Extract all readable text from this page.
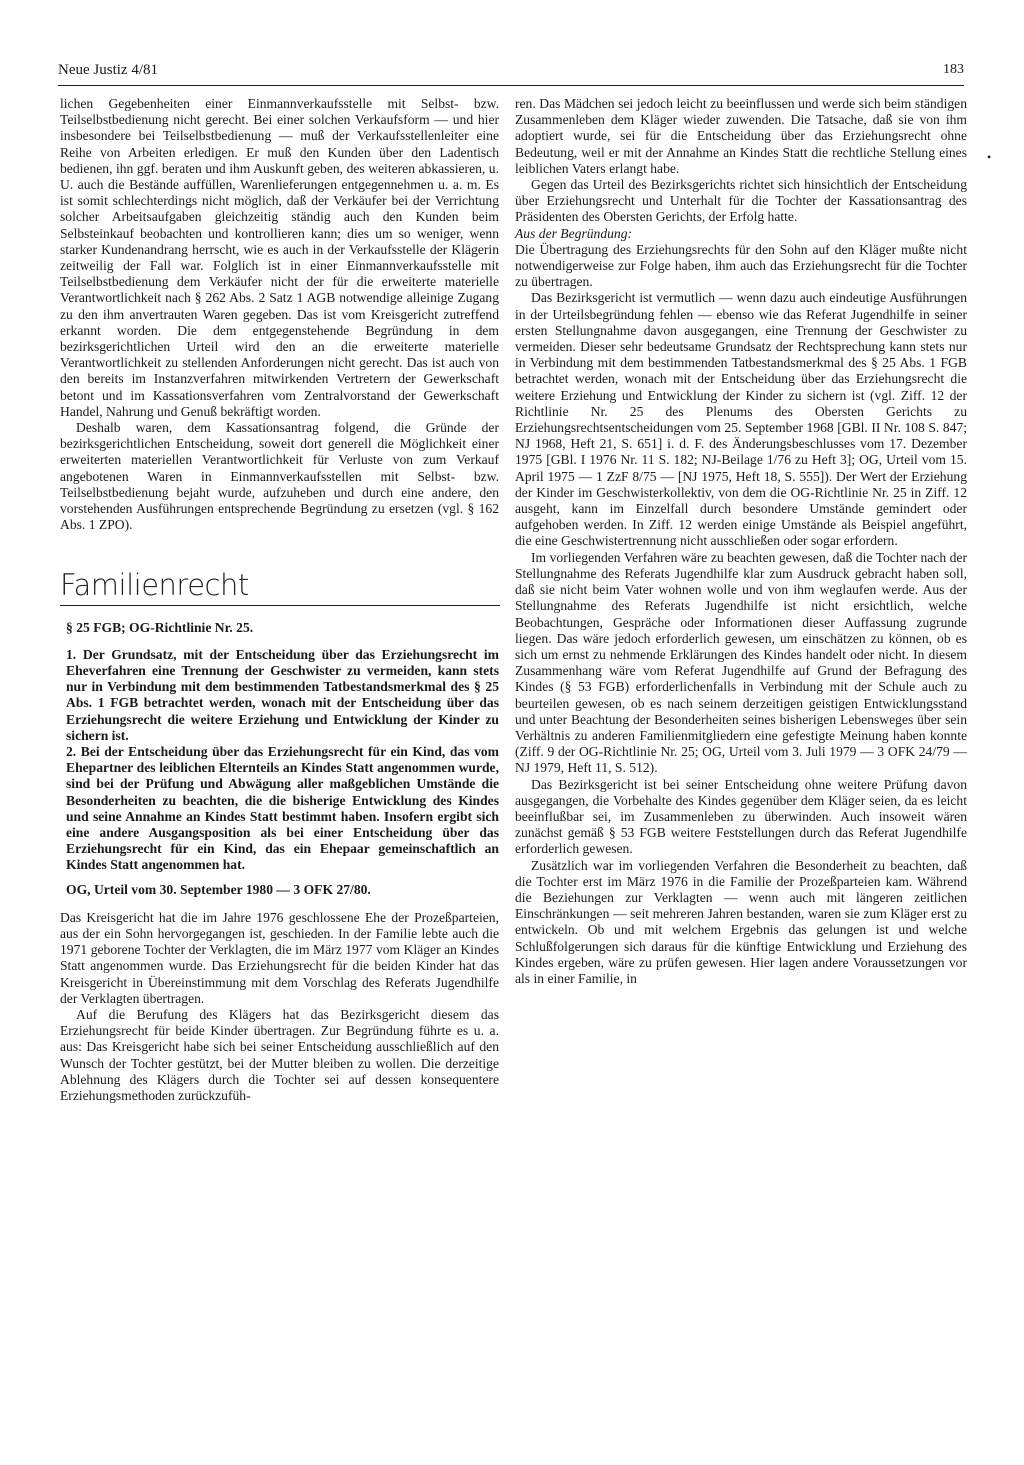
Neue Justiz 4/81	183
•

lichen Gegebenheiten einer Einmannverkaufsstelle mit Selbst- bzw. Teilselbstbedienung nicht gerecht. Bei einer solchen Verkaufsform — und hier insbesondere bei Teilselbstbedienung — muß der Verkaufsstellenleiter eine Reihe von Arbeiten erledigen. Er muß den Kunden über den Ladentisch bedienen, ihn ggf. beraten und ihm Auskunft geben, des weiteren abkassieren, u. U. auch die Bestände auffüllen, Warenlieferungen entgegennehmen u. a. m. Es ist somit schlechterdings nicht möglich, daß der Verkäufer bei der Verrichtung solcher Arbeitsaufgaben gleichzeitig ständig auch den Kunden beim Selbsteinkauf beobachten und kontrollieren kann; dies um so weniger, wenn starker Kundenandrang herrscht, wie es auch in der Verkaufsstelle der Klägerin zeitweilig der Fall war. Folglich ist in einer Einmannverkaufsstelle mit Teilselbstbedienung dem Verkäufer nicht der für die erweiterte materielle Verantwortlichkeit nach § 262 Abs. 2 Satz 1 AGB notwendige alleinige Zugang zu den ihm anvertrauten Waren gegeben. Das ist vom Kreisgericht zutreffend erkannt worden. Die dem entgegenstehende Begründung in dem bezirksgerichtlichen Urteil wird den an die erweiterte materielle Verantwortlichkeit zu stellenden Anforderungen nicht gerecht. Das ist auch von den bereits im Instanzverfahren mitwirkenden Vertretern der Gewerkschaft betont und im Kassationsverfahren vom Zentralvorstand der Gewerkschaft Handel, Nahrung und Genuß bekräftigt worden.

Deshalb waren, dem Kassationsantrag folgend, die Gründe der bezirksgerichtlichen Entscheidung, soweit dort generell die Möglichkeit einer erweiterten materiellen Verantwortlichkeit für Verluste von zum Verkauf angebotenen Waren in Einmannverkaufsstellen mit Selbst- bzw. Teilselbstbedienung bejaht wurde, aufzuheben und durch eine andere, den vorstehenden Ausführungen entsprechende Begründung zu ersetzen (vgl. § 162 Abs. 1 ZPO).

Familienrecht

§ 25 FGB; OG-Richtlinie Nr. 25.

1. Der Grundsatz, mit der Entscheidung über das Erziehungsrecht im Eheverfahren eine Trennung der Geschwister zu vermeiden, kann stets nur in Verbindung mit dem bestimmenden Tatbestandsmerkmal des § 25 Abs. 1 FGB betrachtet werden, wonach mit der Entscheidung über das Erziehungsrecht die weitere Erziehung und Entwicklung der Kinder zu sichern ist.

2. Bei der Entscheidung über das Erziehungsrecht für ein Kind, das vom Ehepartner des leiblichen Elternteils an Kindes Statt angenommen wurde, sind bei der Prüfung und Abwägung aller maßgeblichen Umstände die Besonderheiten zu beachten, die die bisherige Entwicklung des Kindes und seine Annahme an Kindes Statt bestimmt haben. Insofern ergibt sich eine andere Ausgangsposition als bei einer Entscheidung über das Erziehungsrecht für ein Kind, das ein Ehepaar gemeinschaftlich an Kindes Statt angenommen hat.

OG, Urteil vom 30. September 1980 — 3 OFK 27/80.

Das Kreisgericht hat die im Jahre 1976 geschlossene Ehe der Prozeßparteien, aus der ein Sohn hervorgegangen ist, geschieden. In der Familie lebte auch die 1971 geborene Tochter der Verklagten, die im März 1977 vom Kläger an Kindes Statt angenommen wurde. Das Erziehungsrecht für die beiden Kinder hat das Kreisgericht in Übereinstimmung mit dem Vorschlag des Referats Jugendhilfe der Verklagten übertragen.

Auf die Berufung des Klägers hat das Bezirksgericht diesem das Erziehungsrecht für beide Kinder übertragen. Zur Begründung führte es u. a. aus: Das Kreisgericht habe sich bei seiner Entscheidung ausschließlich auf den Wunsch der Tochter gestützt, bei der Mutter bleiben zu wollen. Die derzeitige Ablehnung des Klägers durch die Tochter sei auf dessen konsequentere Erziehungsmethoden zurückzufüh-

ren. Das Mädchen sei jedoch leicht zu beeinflussen und werde sich beim ständigen Zusammenleben dem Kläger wieder zuwenden. Die Tatsache, daß sie von ihm adoptiert wurde, sei für die Entscheidung über das Erziehungsrecht ohne Bedeutung, weil er mit der Annahme an Kindes Statt die rechtliche Stellung eines leiblichen Vaters erlangt habe.

Gegen das Urteil des Bezirksgerichts richtet sich hinsichtlich der Entscheidung über Erziehungsrecht und Unterhalt für die Tochter der Kassationsantrag des Präsidenten des Obersten Gerichts, der Erfolg hatte.

Aus der Begründung:

Die Übertragung des Erziehungsrechts für den Sohn auf den Kläger mußte nicht notwendigerweise zur Folge haben, ihm auch das Erziehungsrecht für die Tochter zu übertragen.

Das Bezirksgericht ist vermutlich — wenn dazu auch eindeutige Ausführungen in der Urteilsbegründung fehlen — ebenso wie das Referat Jugendhilfe in seiner ersten Stellungnahme davon ausgegangen, eine Trennung der Geschwister zu vermeiden. Dieser sehr bedeutsame Grundsatz der Rechtsprechung kann stets nur in Verbindung mit dem bestimmenden Tatbestandsmerkmal des § 25 Abs. 1 FGB betrachtet werden, wonach mit der Entscheidung über das Erziehungsrecht die weitere Erziehung und Entwicklung der Kinder zu sichern ist (vgl. Ziff. 12 der Richtlinie Nr. 25 des Plenums des Obersten Gerichts zu Erziehungsrechtsentscheidungen vom 25. September 1968 [GBl. II Nr. 108 S. 847; NJ 1968, Heft 21, S. 651] i. d. F. des Änderungsbeschlusses vom 17. Dezember 1975 [GBl. I 1976 Nr. 11 S. 182; NJ-Beilage 1/76 zu Heft 3]; OG, Urteil vom 15. April 1975 — 1 ZzF 8/75 — [NJ 1975, Heft 18, S. 555]). Der Wert der Erziehung der Kinder im Geschwisterkollektiv, von dem die OG-Richtlinie Nr. 25 in Ziff. 12 ausgeht, kann im Einzelfall durch besondere Umstände gemindert oder aufgehoben werden. In Ziff. 12 werden einige Umstände als Beispiel angeführt, die eine Geschwistertrennung nicht ausschließen oder sogar erfordern.

Im vorliegenden Verfahren wäre zu beachten gewesen, daß die Tochter nach der Stellungnahme des Referats Jugendhilfe klar zum Ausdruck gebracht haben soll, daß sie nicht beim Vater wohnen wolle und von ihm weglaufen werde. Aus der Stellungnahme des Referats Jugendhilfe ist nicht ersichtlich, welche Beobachtungen, Gespräche oder Informationen dieser Auffassung zugrunde liegen. Das wäre jedoch erforderlich gewesen, um einschätzen zu können, ob es sich um ernst zu nehmende Erklärungen des Kindes handelt oder nicht. In diesem Zusammenhang wäre vom Referat Jugendhilfe auf Grund der Befragung des Kindes (§ 53 FGB) erforderlichenfalls in Verbindung mit der Schule auch zu beurteilen gewesen, ob es nach seinem derzeitigen geistigen Entwicklungsstand und unter Beachtung der Besonderheiten seines bisherigen Lebensweges über sein Verhältnis zu anderen Familienmitgliedern eine gefestigte Meinung haben konnte (Ziff. 9 der OG-Richtlinie Nr. 25; OG, Urteil vom 3. Juli 1979 — 3 OFK 24/79 — NJ 1979, Heft 11, S. 512).

Das Bezirksgericht ist bei seiner Entscheidung ohne weitere Prüfung davon ausgegangen, die Vorbehalte des Kindes gegenüber dem Kläger seien, da es leicht beeinflußbar sei, im Zusammenleben zu überwinden. Auch insoweit wären zunächst gemäß § 53 FGB weitere Feststellungen durch das Referat Jugendhilfe erforderlich gewesen.

Zusätzlich war im vorliegenden Verfahren die Besonderheit zu beachten, daß die Tochter erst im März 1976 in die Familie der Prozeßparteien kam. Während die Beziehungen zur Verklagten — wenn auch mit längeren zeitlichen Einschränkungen — seit mehreren Jahren bestanden, waren sie zum Kläger erst zu entwickeln. Ob und mit welchem Ergebnis das gelungen ist und welche Schlußfolgerungen sich daraus für die künftige Entwicklung und Erziehung des Kindes ergeben, wäre zu prüfen gewesen. Hier lagen andere Voraussetzungen vor als in einer Familie, in
